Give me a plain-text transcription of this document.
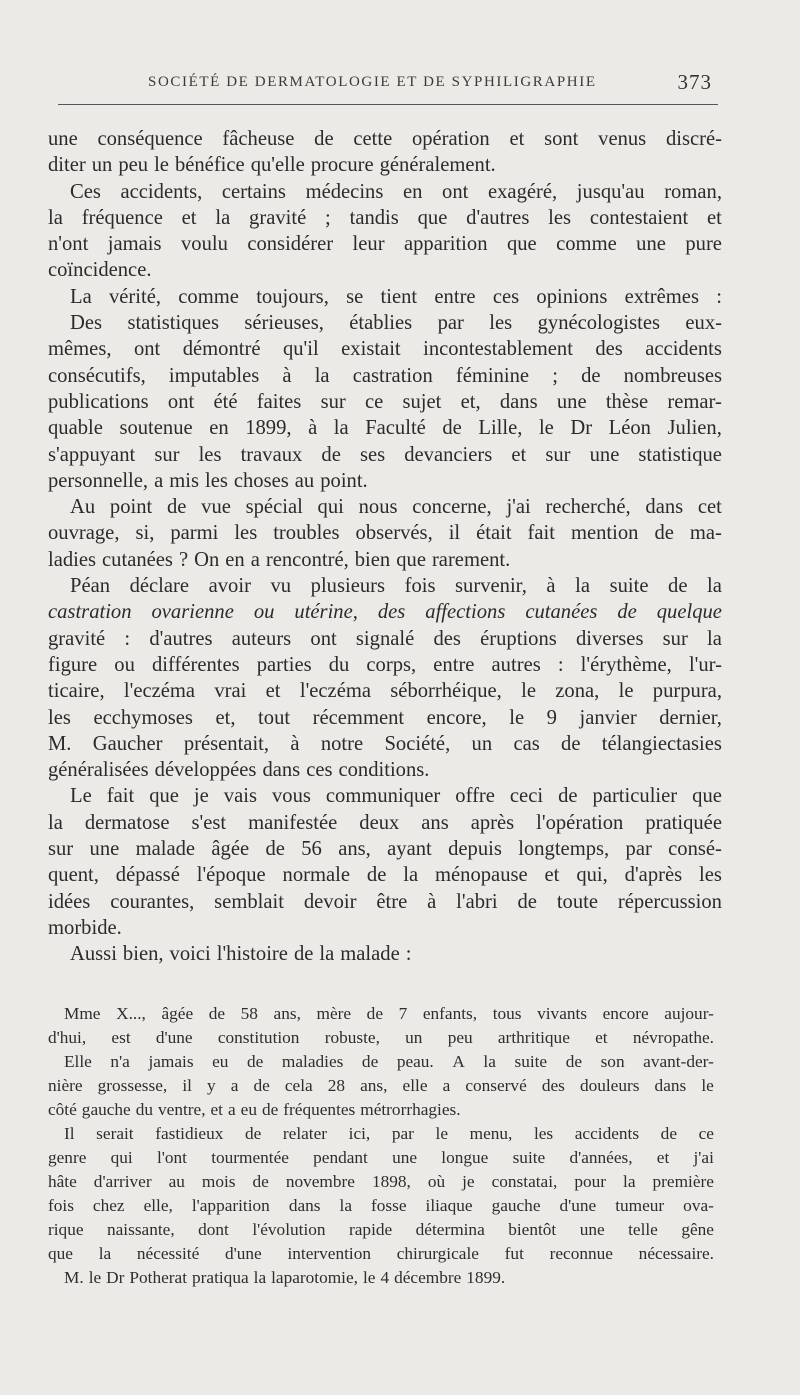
SOCIÉTÉ DE DERMATOLOGIE ET DE SYPHILIGRAPHIE	373
une conséquence fâcheuse de cette opération et sont venus discré-
diter un peu le bénéfice qu'elle procure généralement.
Ces accidents, certains médecins en ont exagéré, jusqu'au roman,
la fréquence et la gravité ; tandis que d'autres les contestaient et
n'ont jamais voulu considérer leur apparition que comme une pure
coïncidence.
La vérité, comme toujours, se tient entre ces opinions extrêmes :
Des statistiques sérieuses, établies par les gynécologistes eux-
mêmes, ont démontré qu'il existait incontestablement des accidents
consécutifs, imputables à la castration féminine ; de nombreuses
publications ont été faites sur ce sujet et, dans une thèse remar-
quable soutenue en 1899, à la Faculté de Lille, le Dr Léon Julien,
s'appuyant sur les travaux de ses devanciers et sur une statistique
personnelle, a mis les choses au point.
Au point de vue spécial qui nous concerne, j'ai recherché, dans cet
ouvrage, si, parmi les troubles observés, il était fait mention de ma-
ladies cutanées ? On en a rencontré, bien que rarement.
Péan déclare avoir vu plusieurs fois survenir, à la suite de la
castration ovarienne ou utérine, des affections cutanées de quelque
gravité : d'autres auteurs ont signalé des éruptions diverses sur la
figure ou différentes parties du corps, entre autres : l'érythème, l'ur-
ticaire, l'eczéma vrai et l'eczéma séborrhéique, le zona, le purpura,
les ecchymoses et, tout récemment encore, le 9 janvier dernier,
M. Gaucher présentait, à notre Société, un cas de télangiectasies
généralisées développées dans ces conditions.
Le fait que je vais vous communiquer offre ceci de particulier que
la dermatose s'est manifestée deux ans après l'opération pratiquée
sur une malade âgée de 56 ans, ayant depuis longtemps, par consé-
quent, dépassé l'époque normale de la ménopause et qui, d'après les
idées courantes, semblait devoir être à l'abri de toute répercussion
morbide.
Aussi bien, voici l'histoire de la malade :
Mme X..., âgée de 58 ans, mère de 7 enfants, tous vivants encore aujour-
d'hui, est d'une constitution robuste, un peu arthritique et névropathe.
Elle n'a jamais eu de maladies de peau. A la suite de son avant-der-
nière grossesse, il y a de cela 28 ans, elle a conservé des douleurs dans le
côté gauche du ventre, et a eu de fréquentes métrorrhagies.
Il serait fastidieux de relater ici, par le menu, les accidents de ce
genre qui l'ont tourmentée pendant une longue suite d'années, et j'ai
hâte d'arriver au mois de novembre 1898, où je constatai, pour la première
fois chez elle, l'apparition dans la fosse iliaque gauche d'une tumeur ova-
rique naissante, dont l'évolution rapide détermina bientôt une telle gêne
que la nécessité d'une intervention chirurgicale fut reconnue nécessaire.
M. le Dr Potherat pratiqua la laparotomie, le 4 décembre 1899.
